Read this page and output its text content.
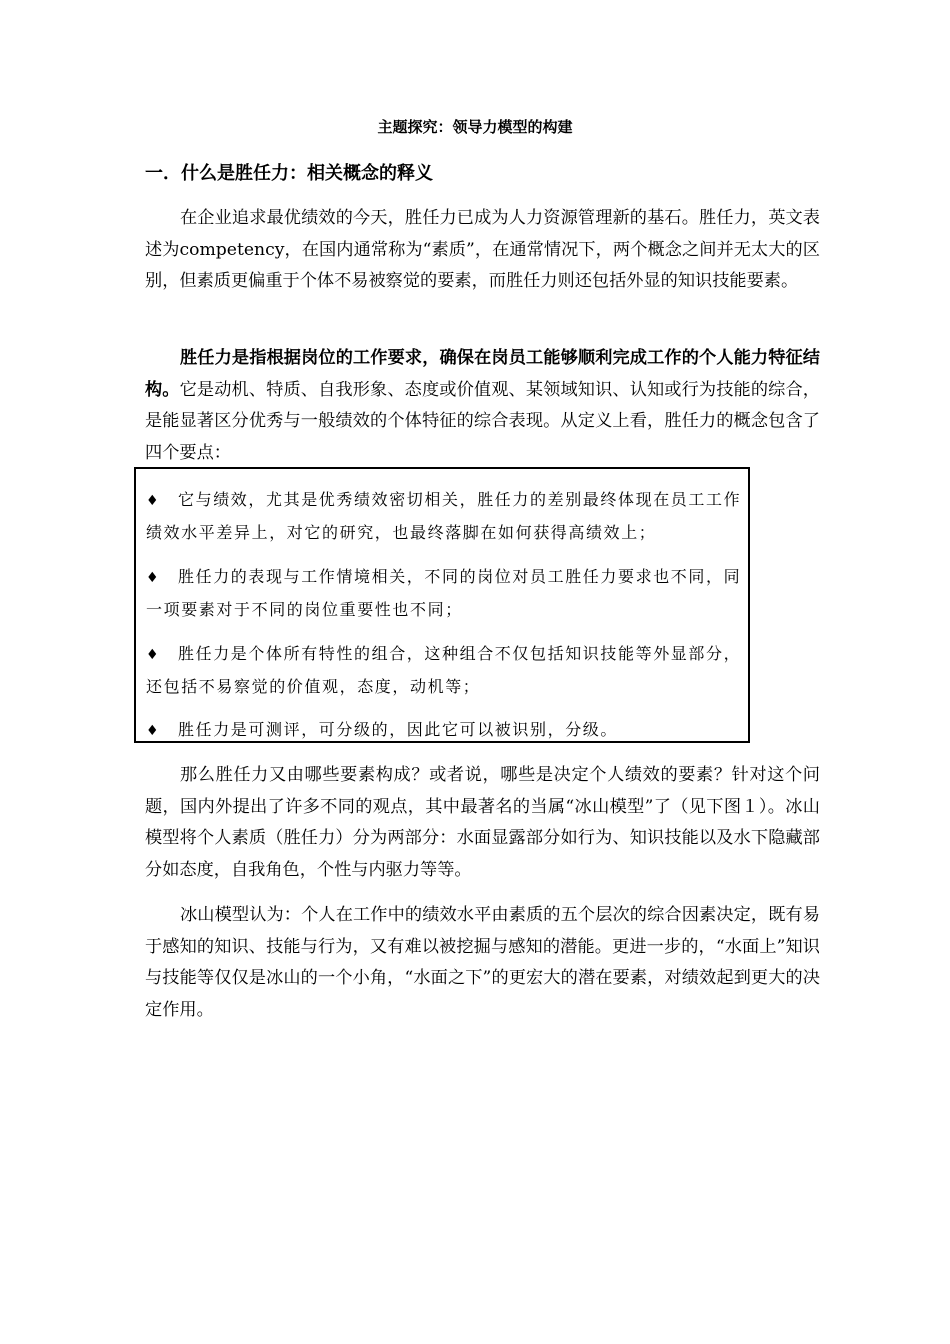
主题探究：领导力模型的构建
一．什么是胜任力：相关概念的释义

在企业追求最优绩效的今天，胜任力已成为人力资源管理新的基石。胜任力，英文表述为competency，在国内通常称为“素质”，在通常情况下，两个概念之间并无太大的区别，但素质更偏重于个体不易被察觉的要素，而胜任力则还包括外显的知识技能要素。

胜任力是指根据岗位的工作要求，确保在岗员工能够顺利完成工作的个人能力特征结构。它是动机、特质、自我形象、态度或价值观、某领域知识、认知或行为技能的综合，是能显著区分优秀与一般绩效的个体特征的综合表现。从定义上看，胜任力的概念包含了四个要点：

♦ 它与绩效，尤其是优秀绩效密切相关，胜任力的差别最终体现在员工工作绩效水平差异上，对它的研究，也最终落脚在如何获得高绩效上；

♦ 胜任力的表现与工作情境相关，不同的岗位对员工胜任力要求也不同，同一项要素对于不同的岗位重要性也不同；

♦ 胜任力是个体所有特性的组合，这种组合不仅包括知识技能等外显部分，还包括不易察觉的价值观，态度，动机等；

♦ 胜任力是可测评，可分级的，因此它可以被识别，分级。

那么胜任力又由哪些要素构成？或者说，哪些是决定个人绩效的要素？针对这个问题，国内外提出了许多不同的观点，其中最著名的当属“冰山模型”了（见下图１）。冰山模型将个人素质（胜任力）分为两部分：水面显露部分如行为、知识技能以及水下隐藏部分如态度，自我角色，个性与内驱力等等。

冰山模型认为：个人在工作中的绩效水平由素质的五个层次的综合因素决定，既有易于感知的知识、技能与行为，又有难以被挖掘与感知的潜能。更进一步的，“水面上”知识与技能等仅仅是冰山的一个小角，“水面之下”的更宏大的潜在要素，对绩效起到更大的决定作用。
